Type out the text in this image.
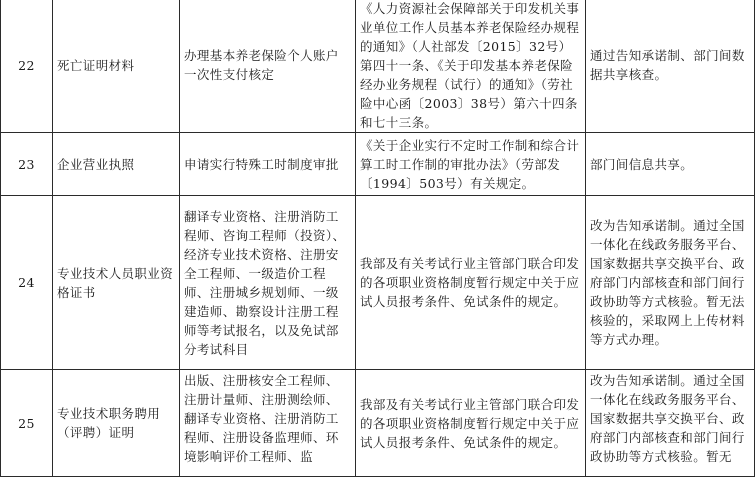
22	死亡证明材料	办理基本养老保险个人账户一次性支付核定	《人力资源社会保障部关于印发机关事业单位工作人员基本养老保险经办规程的通知》（人社部发〔2015〕32号）第四十一条、《关于印发基本养老保险经办业务规程（试行）的通知》（劳社险中心函〔2003〕38号）第六十四条和七十三条。	通过告知承诺制、部门间数据共享核查。
23	企业营业执照	申请实行特殊工时制度审批	《关于企业实行不定时工作制和综合计算工时工作制的审批办法》（劳部发〔1994〕503号）有关规定。	部门间信息共享。
24	专业技术人员职业资格证书	翻译专业资格、注册消防工程师、咨询工程师（投资）、经济专业技术资格、注册安全工程师、一级造价工程师、注册城乡规划师、一级建造师、勘察设计注册工程师等考试报名，以及免试部分考试科目	我部及有关考试行业主管部门联合印发的各项职业资格制度暂行规定中关于应试人员报考条件、免试条件的规定。	改为告知承诺制。通过全国一体化在线政务服务平台、国家数据共享交换平台、政府部门内部核查和部门间行政协助等方式核验。暂无法核验的，采取网上上传材料等方式办理。
25	专业技术职务聘用（评聘）证明	出版、注册核安全工程师、注册计量师、注册测绘师、翻译专业资格、注册消防工程师、注册设备监理师、环境影响评价工程师、监	我部及有关考试行业主管部门联合印发的各项职业资格制度暂行规定中关于应试人员报考条件、免试条件的规定。	改为告知承诺制。通过全国一体化在线政务服务平台、国家数据共享交换平台、政府部门内部核查和部门间行政协助等方式核验。暂无
